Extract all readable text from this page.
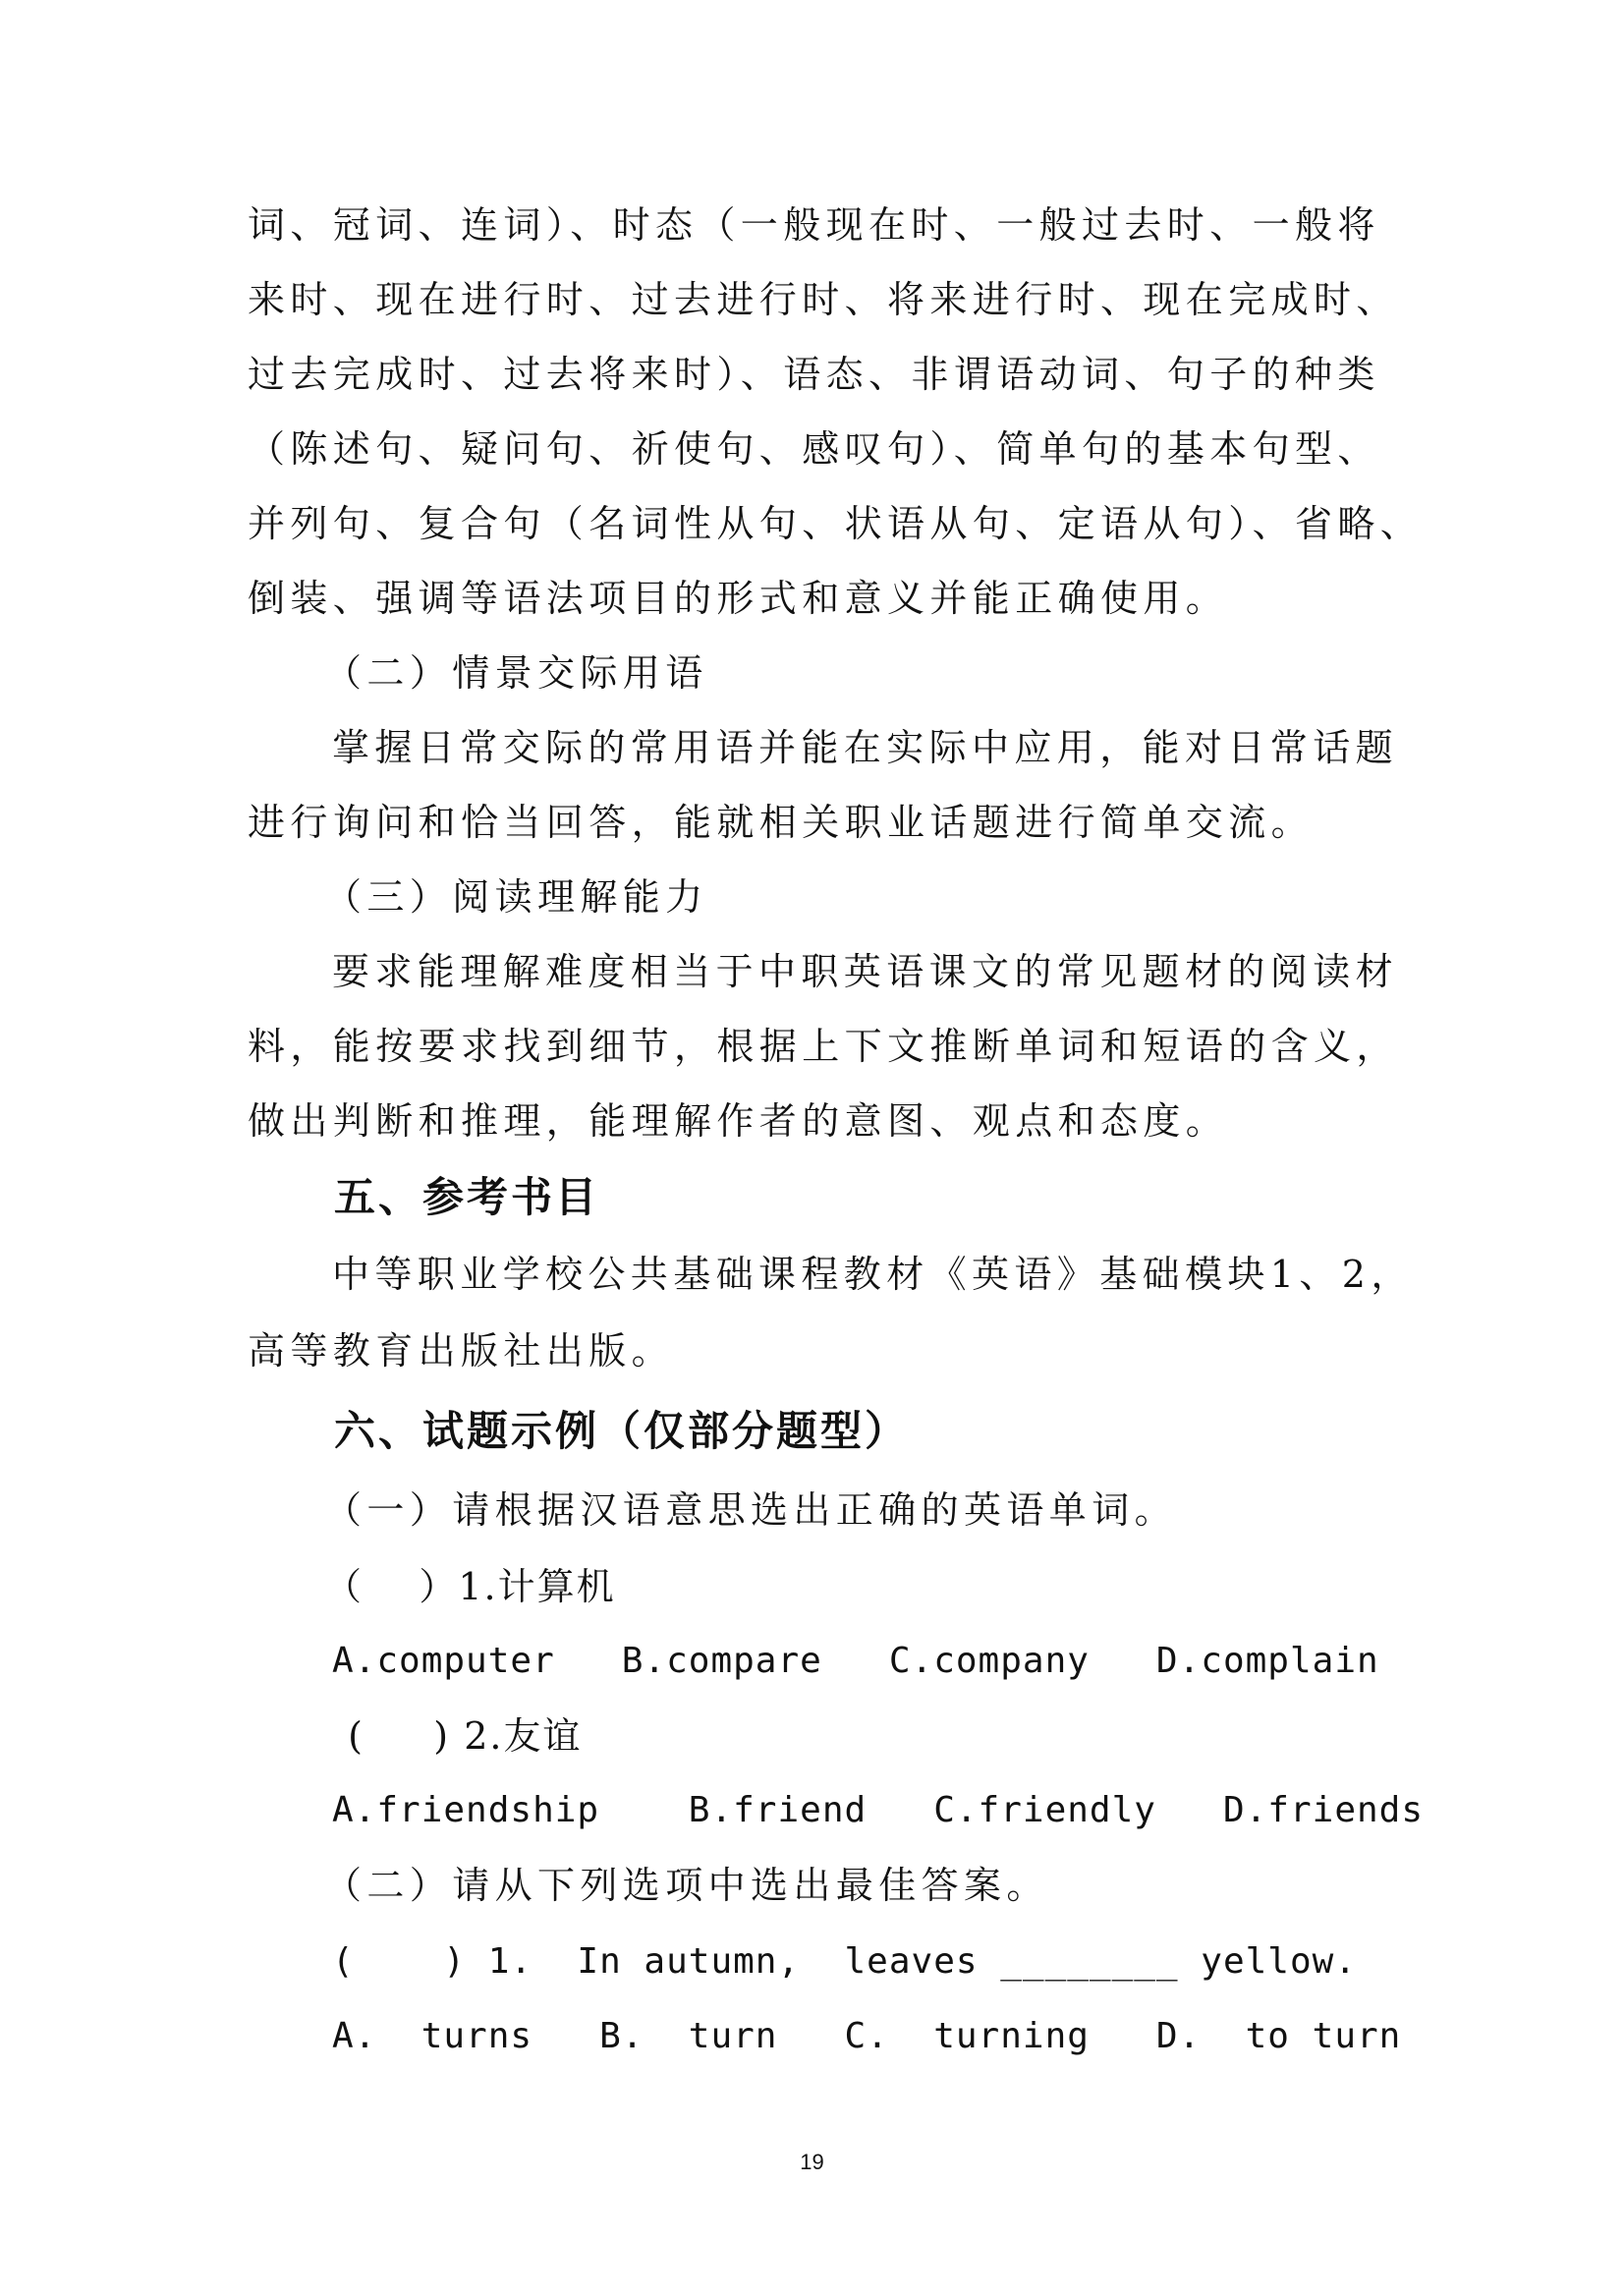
词、冠词、连词）、时态（一般现在时、一般过去时、一般将
来时、现在进行时、过去进行时、将来进行时、现在完成时、
过去完成时、过去将来时）、语态、非谓语动词、句子的种类
（陈述句、疑问句、祈使句、感叹句）、简单句的基本句型、
并列句、复合句（名词性从句、状语从句、定语从句）、省略、
倒装、强调等语法项目的形式和意义并能正确使用。
（二）情景交际用语
掌握日常交际的常用语并能在实际中应用，能对日常话题
进行询问和恰当回答，能就相关职业话题进行简单交流。
（三）阅读理解能力
要求能理解难度相当于中职英语课文的常见题材的阅读材
料，能按要求找到细节，根据上下文推断单词和短语的含义，
做出判断和推理，能理解作者的意图、观点和态度。
五、参考书目
中等职业学校公共基础课程教材《英语》基础模块1、2，
高等教育出版社出版。
六、试题示例（仅部分题型）
（一）请根据汉语意思选出正确的英语单词。
（    ）1.计算机
A.computer   B.compare   C.company   D.complain
(     ) 2.友谊
A.friendship    B.friend   C.friendly   D.friends
（二）请从下列选项中选出最佳答案。
(    ) 1.  In autumn,  leaves ________ yellow.
A.  turns   B.  turn   C.  turning   D.  to turn
19
